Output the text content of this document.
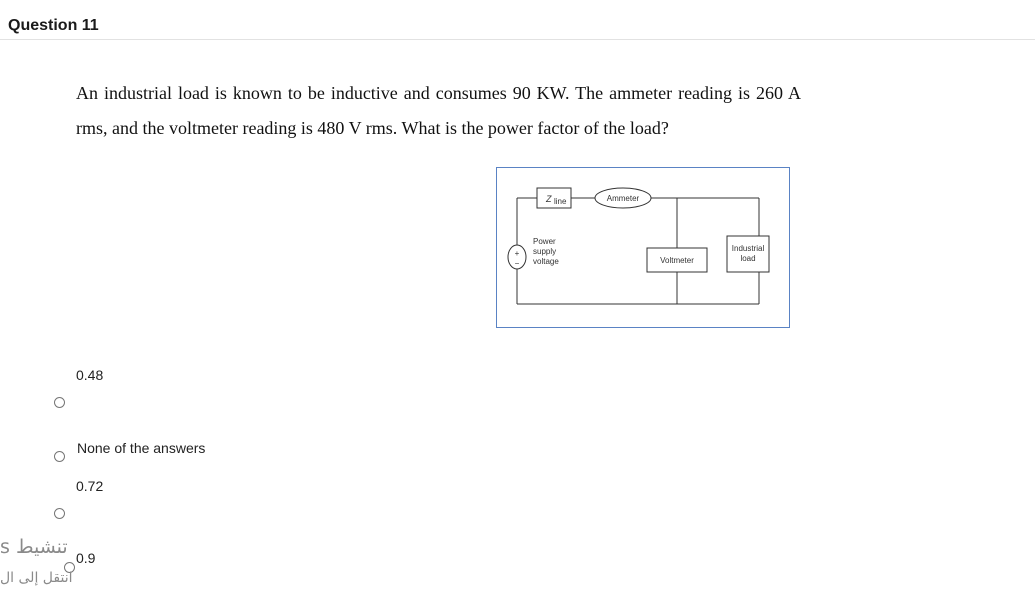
Question 11
An industrial load is known to be inductive and consumes 90 KW. The ammeter reading is 260 A rms, and the voltmeter reading is 480 V rms. What is the power factor of the load?
Z line	Ammeter
+
−
Power
supply
voltage	Voltmeter
Industrial
load
0.48
None of the answers
0.72
0.9
تنشيط s
انتقل إلى ال
